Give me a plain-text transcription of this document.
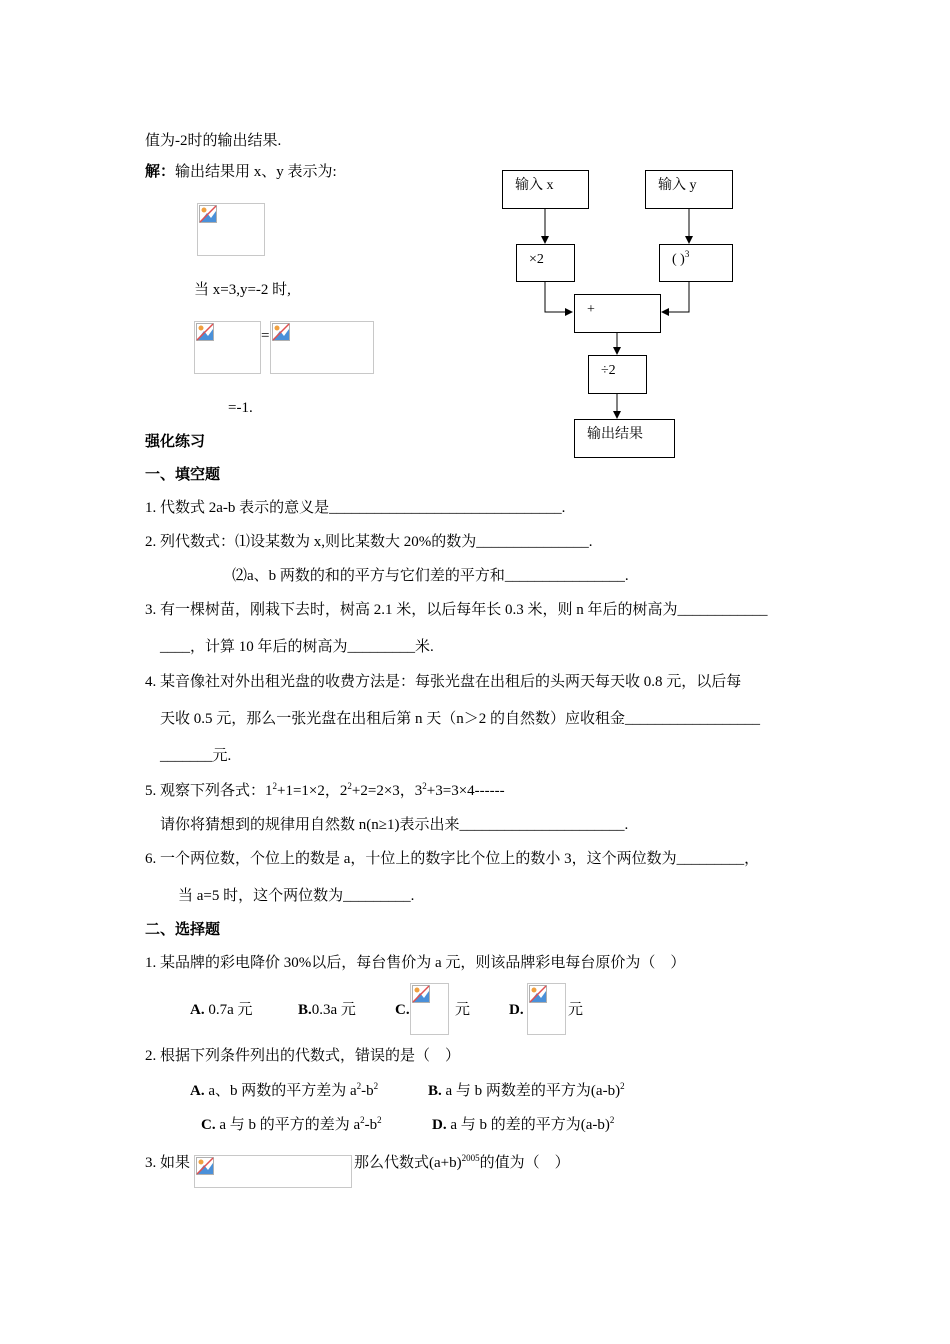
值为-2时的输出结果.
解：输出结果用 x、y 表示为:
当 x=3,y=-2 时,
=
=-1.
输入 x	输入 y
×2	( )$^3$
+
÷2
输出结果
强化练习
一、填空题
1. 代数式 2a-b 表示的意义是_______________________________.
2. 列代数式：⑴设某数为 x,则比某数大 20%的数为_______________.
⑵a、b 两数的和的平方与它们差的平方和________________.
3. 有一棵树苗，刚栽下去时，树高 2.1 米，以后每年长 0.3 米，则 n 年后的树高为____________
____，计算 10 年后的树高为_________米.
4. 某音像社对外出租光盘的收费方法是：每张光盘在出租后的头两天每天收 0.8 元，以后每
天收 0.5 元，那么一张光盘在出租后第 n 天（n＞2 的自然数）应收租金__________________
_______元.
5. 观察下列各式：$1^2+1=1\times 2$，$2^2+2=2\times 3$，$3^2+3=3\times 4------$
请你将猜想到的规律用自然数 n(n≥1)表示出来______________________.
6. 一个两位数，个位上的数是 a，十位上的数字比个位上的数小 3，这个两位数为_________，
当 a=5 时，这个两位数为_________.
二、选择题
1. 某品牌的彩电降价 30%以后，每台售价为 a 元，则该品牌彩电每台原价为（　）
A. 0.7a 元	B.0.3a 元	C.	元	D.	元
2. 根据下列条件列出的代数式，错误的是（　）
A. a、b 两数的平方差为 $a^2-b^2$	B. a 与 b 两数差的平方为$(a-b)^2$
C. a 与 b 的平方的差为 $a^2-b^2$	D. a 与 b 的差的平方为$(a-b)^2$
3. 如果	那么代数式$(a+b)^{2005}$的值为（　）
